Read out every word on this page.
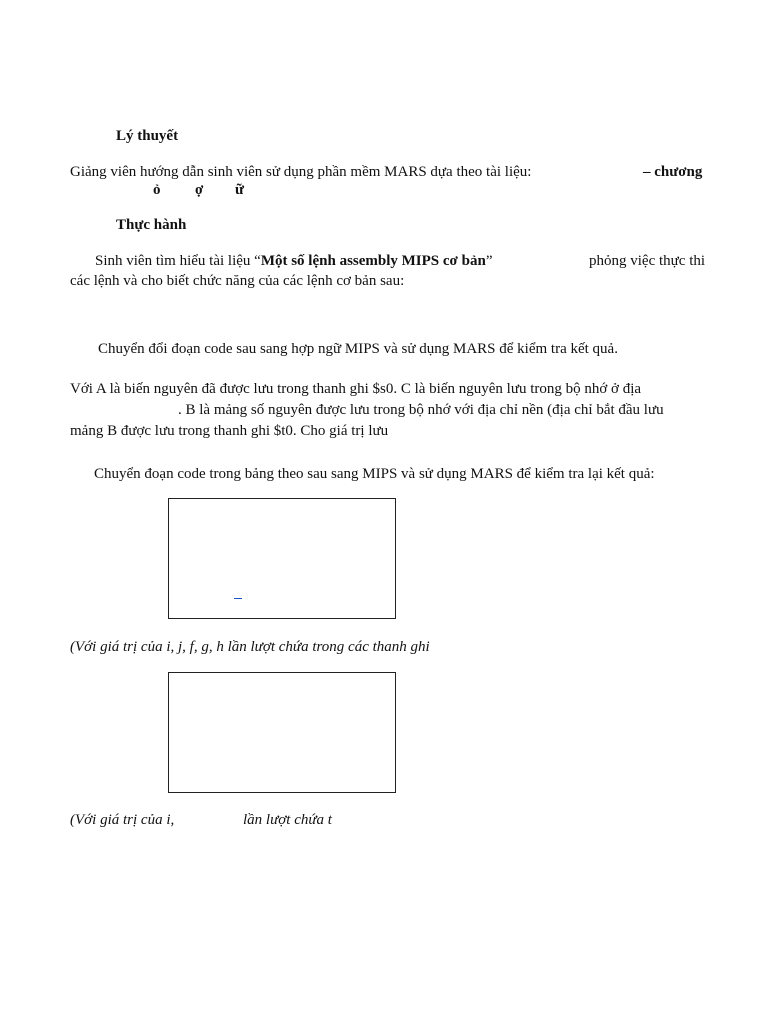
Lý thuyết
Giảng viên hướng dẫn sinh viên sử dụng phần mềm MARS dựa theo tài liệu:	– chương
ỏ ợ ữ
Thực hành
Sinh viên tìm hiểu tài liệu “Một số lệnh assembly MIPS cơ bản”	phỏng việc thực thi
các lệnh và cho biết chức năng của các lệnh cơ bản sau:
Chuyển đổi đoạn code sau sang hợp ngữ MIPS và sử dụng MARS để kiểm tra kết quả.
Với A là biến nguyên đã được lưu trong thanh ghi $s0. C là biến nguyên lưu trong bộ nhớ ở địa
. B là mảng số nguyên được lưu trong bộ nhớ với địa chỉ nền (địa chỉ bắt đầu lưu
mảng B được lưu trong thanh ghi $t0. Cho giá trị lưu
Chuyển đoạn code trong bảng theo sau sang MIPS và sử dụng MARS để kiểm tra lại kết quả:
(Với giá trị của i, j, f, g, h lần lượt chứa trong các thanh ghi
(Với giá trị của i,	lần lượt chứa t
